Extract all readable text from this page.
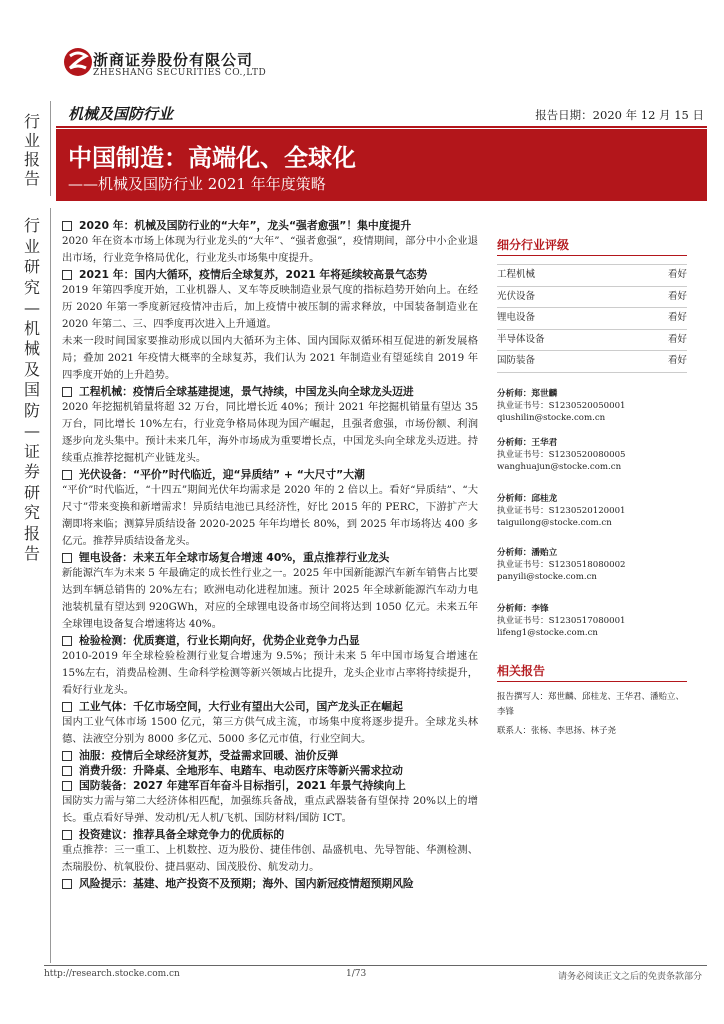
浙商证券股份有限公司
ZHESHANG SECURITIES CO.,LTD
行业报告
机械及国防行业	报告日期：2020 年 12 月 15 日
中国制造：高端化、全球化
——机械及国防行业 2021 年年度策略
行业研究—机械及国防—证券研究报告

2020 年：机械及国防行业的“大年”，龙头“强者愈强”！集中度提升

2020 年在资本市场上体现为行业龙头的“大年”、“强者愈强”，疫情期间，部分中小企业退出市场，行业竞争格局优化，行业龙头市场集中度提升。

2021 年：国内大循环，疫情后全球复苏，2021 年将延续较高景气态势

2019 年第四季度开始，工业机器人、叉车等反映制造业景气度的指标趋势开始向上。在经历 2020 年第一季度新冠疫情冲击后，加上疫情中被压制的需求释放，中国装备制造业在 2020 年第二、三、四季度再次进入上升通道。
未来一段时间国家要推动形成以国内大循环为主体、国内国际双循环相互促进的新发展格局；叠加 2021 年疫情大概率的全球复苏，我们认为 2021 年制造业有望延续自 2019 年四季度开始的上升趋势。

工程机械：疫情后全球基建提速，景气持续，中国龙头向全球龙头迈进

2020 年挖掘机销量将超 32 万台，同比增长近 40%；预计 2021 年挖掘机销量有望达 35 万台，同比增长 10%左右，行业竞争格局体现为国产崛起，且强者愈强，市场份额、利润逐步向龙头集中。预计未来几年，海外市场成为重要增长点，中国龙头向全球龙头迈进。持续重点推荐挖掘机产业链龙头。

光伏设备：“平价”时代临近，迎“异质结” + “大尺寸”大潮

“平价”时代临近，“十四五”期间光伏年均需求是 2020 年的 2 倍以上。看好“异质结”、“大尺寸”带来变换和新增需求！异质结电池已具经济性，好比 2015 年的 PERC，下游扩产大潮即将来临；测算异质结设备 2020-2025 年年均增长 80%，到 2025 年市场将达 400 多亿元。推荐异质结设备龙头。

锂电设备：未来五年全球市场复合增速 40%，重点推荐行业龙头

新能源汽车为未来 5 年最确定的成长性行业之一。2025 年中国新能源汽车新车销售占比要达到车辆总销售的 20%左右；欧洲电动化进程加速。预计 2025 年全球新能源汽车动力电池装机量有望达到 920GWh，对应的全球锂电设备市场空间将达到 1050 亿元。未来五年全球锂电设备复合增速将达 40%。

检验检测：优质赛道，行业长期向好，优势企业竞争力凸显

2010-2019 年全球检验检测行业复合增速为 9.5%；预计未来 5 年中国市场复合增速在 15%左右，消费品检测、生命科学检测等新兴领域占比提升，龙头企业市占率将持续提升，看好行业龙头。

工业气体：千亿市场空间，大行业有望出大公司，国产龙头正在崛起

国内工业气体市场 1500 亿元，第三方供气成主流，市场集中度将逐步提升。全球龙头林德、法液空分别为 8000 多亿元、5000 多亿元市值，行业空间大。

油服：疫情后全球经济复苏，受益需求回暖、油价反弹

消费升级：升降桌、全地形车、电踏车、电动医疗床等新兴需求拉动

国防装备：2027 年建军百年奋斗目标指引，2021 年景气持续向上

国防实力需与第二大经济体相匹配，加强练兵备战，重点武器装备有望保持 20%以上的增长。重点看好导弹、发动机/无人机/飞机、国防材料/国防 ICT。

投资建议：推荐具备全球竞争力的优质标的

重点推荐：三一重工、上机数控、迈为股份、捷佳伟创、晶盛机电、先导智能、华测检测、杰瑞股份、杭氧股份、捷昌驱动、国茂股份、航发动力。

风险提示：基建、地产投资不及预期；海外、国内新冠疫情超预期风险

细分行业评级
工程机械	看好
光伏设备	看好
锂电设备	看好
半导体设备	看好
国防装备	看好
分析师：郑世麟
执业证书号：S1230520050001
qiushilin@stocke.com.cn
分析师：王华君
执业证书号：S1230520080005
wanghuajun@stocke.com.cn
分析师：邱桂龙
执业证书号：S1230520120001
taiguilong@stocke.com.cn
分析师：潘贻立
执业证书号：S1230518080002
panyili@stocke.com.cn
分析师：李锋
执业证书号：S1230517080001
lifeng1@stocke.com.cn
相关报告
报告撰写人：郑世麟、邱桂龙、王华君、潘贻立、李锋
联系人：张杨、李思扬、林子尧
http://research.stocke.com.cn	1/73	请务必阅读正文之后的免责条款部分
